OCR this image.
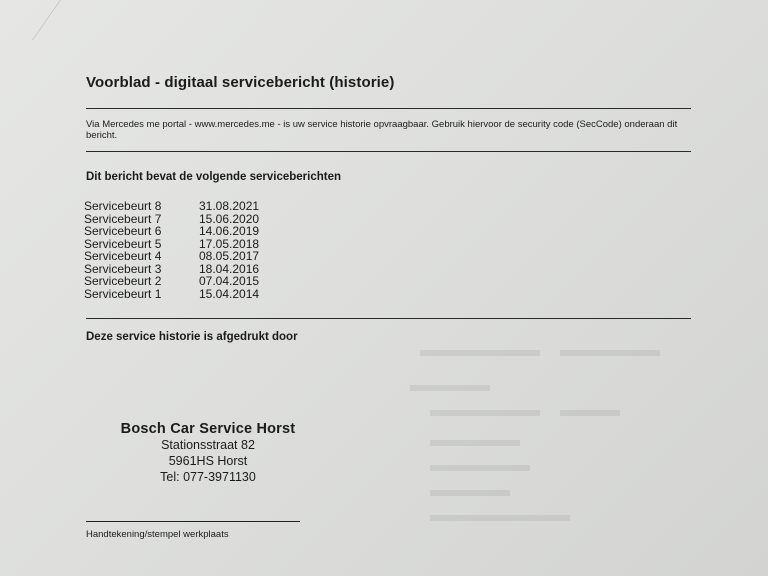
Voorblad - digitaal servicebericht (historie)

Via Mercedes me portal - www.mercedes.me - is uw service historie opvraagbaar. Gebruik hiervoor de security code (SecCode) onderaan dit bericht.

Dit bericht bevat de volgende serviceberichten
Servicebeurt 8	31.08.2021
Servicebeurt 7	15.06.2020
Servicebeurt 6	14.06.2019
Servicebeurt 5	17.05.2018
Servicebeurt 4	08.05.2017
Servicebeurt 3	18.04.2016
Servicebeurt 2	07.04.2015
Servicebeurt 1	15.04.2014
Deze service historie is afgedrukt door
Bosch Car Service Horst
Stationsstraat 82
5961HS Horst
Tel: 077-3971130

Handtekening/stempel werkplaats
